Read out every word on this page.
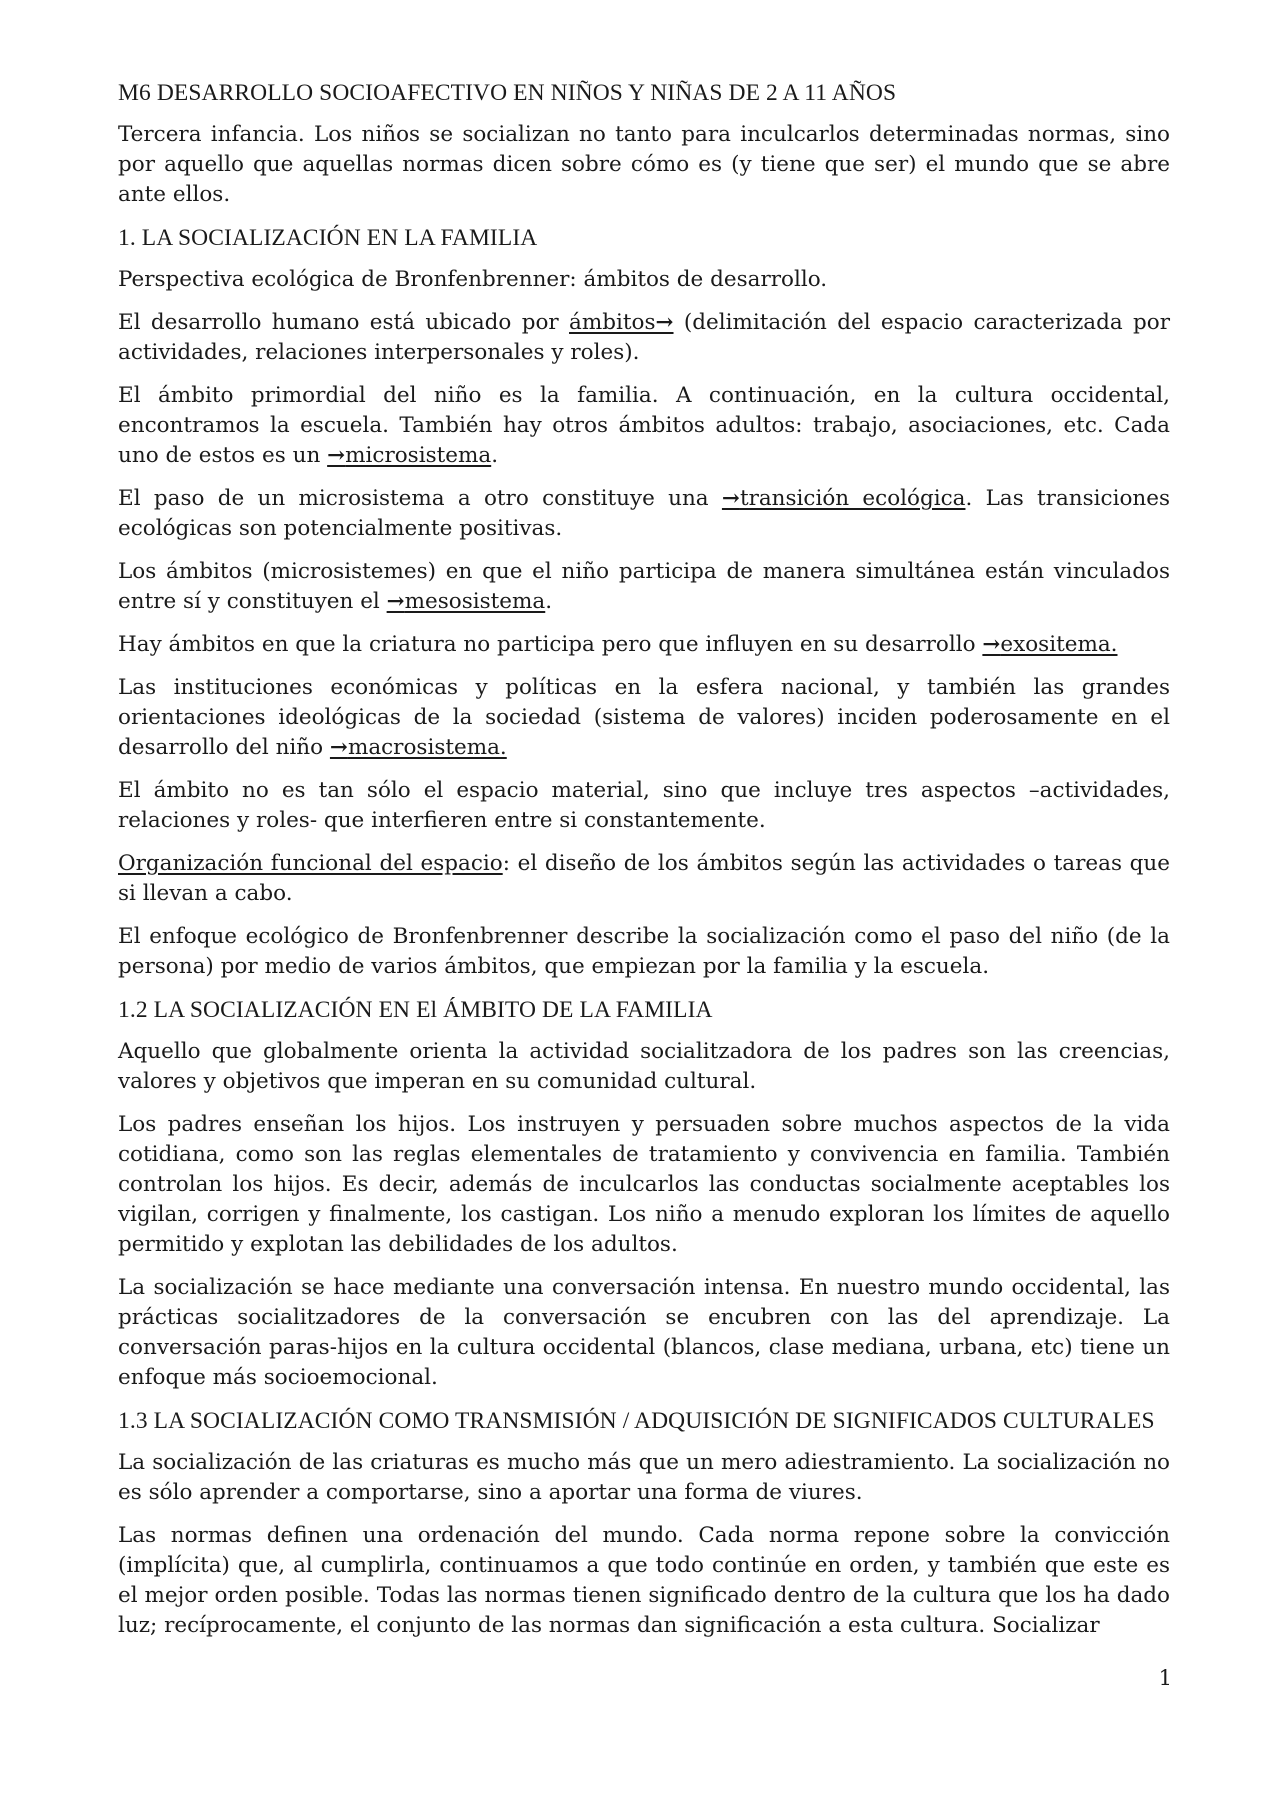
M6 DESARROLLO SOCIOAFECTIVO EN NIÑOS Y NIÑAS DE 2 A 11 AÑOS

Tercera infancia. Los niños se socializan no tanto para inculcarlos determinadas normas, sino por aquello que aquellas normas dicen sobre cómo es (y tiene que ser) el mundo que se abre ante ellos.

1. LA SOCIALIZACIÓN EN LA FAMILIA

Perspectiva ecológica de Bronfenbrenner: ámbitos de desarrollo.

El desarrollo humano está ubicado por ámbitos→ (delimitación del espacio caracterizada por actividades, relaciones interpersonales y roles).

El ámbito primordial del niño es la familia. A continuación, en la cultura occidental, encontramos la escuela. También hay otros ámbitos adultos: trabajo, asociaciones, etc. Cada uno de estos es un →microsistema.

El paso de un microsistema a otro constituye una →transición ecológica. Las transiciones ecológicas son potencialmente positivas.

Los ámbitos (microsistemes) en que el niño participa de manera simultánea están vinculados entre sí y constituyen el →mesosistema.

Hay ámbitos en que la criatura no participa pero que influyen en su desarrollo →exositema.

Las instituciones económicas y políticas en la esfera nacional, y también las grandes orientaciones ideológicas de la sociedad (sistema de valores) inciden poderosamente en el desarrollo del niño →macrosistema.

El ámbito no es tan sólo el espacio material, sino que incluye tres aspectos –actividades, relaciones y roles- que interfieren entre si constantemente.

Organización funcional del espacio: el diseño de los ámbitos según las actividades o tareas que si llevan a cabo.

El enfoque ecológico de Bronfenbrenner describe la socialización como el paso del niño (de la persona) por medio de varios ámbitos, que empiezan por la familia y la escuela.

1.2 LA SOCIALIZACIÓN EN El ÁMBITO DE LA FAMILIA

Aquello que globalmente orienta la actividad socialitzadora de los padres son las creencias, valores y objetivos que imperan en su comunidad cultural.

Los padres enseñan los hijos. Los instruyen y persuaden sobre muchos aspectos de la vida cotidiana, como son las reglas elementales de tratamiento y convivencia en familia. También controlan los hijos. Es decir, además de inculcarlos las conductas socialmente aceptables los vigilan, corrigen y finalmente, los castigan. Los niño a menudo exploran los límites de aquello permitido y explotan las debilidades de los adultos.

La socialización se hace mediante una conversación intensa. En nuestro mundo occidental, las prácticas socialitzadores de la conversación se encubren con las del aprendizaje. La conversación paras-hijos en la cultura occidental (blancos, clase mediana, urbana, etc) tiene un enfoque más socioemocional.

1.3 LA SOCIALIZACIÓN COMO TRANSMISIÓN / ADQUISICIÓN DE SIGNIFICADOS CULTURALES

La socialización de las criaturas es mucho más que un mero adiestramiento. La socialización no es sólo aprender a comportarse, sino a aportar una forma de viures.

Las normas definen una ordenación del mundo. Cada norma repone sobre la convicción (implícita) que, al cumplirla, continuamos a que todo continúe en orden, y también que este es el mejor orden posible. Todas las normas tienen significado dentro de la cultura que los ha dado luz; recíprocamente, el conjunto de las normas dan significación a esta cultura. Socializar

1
